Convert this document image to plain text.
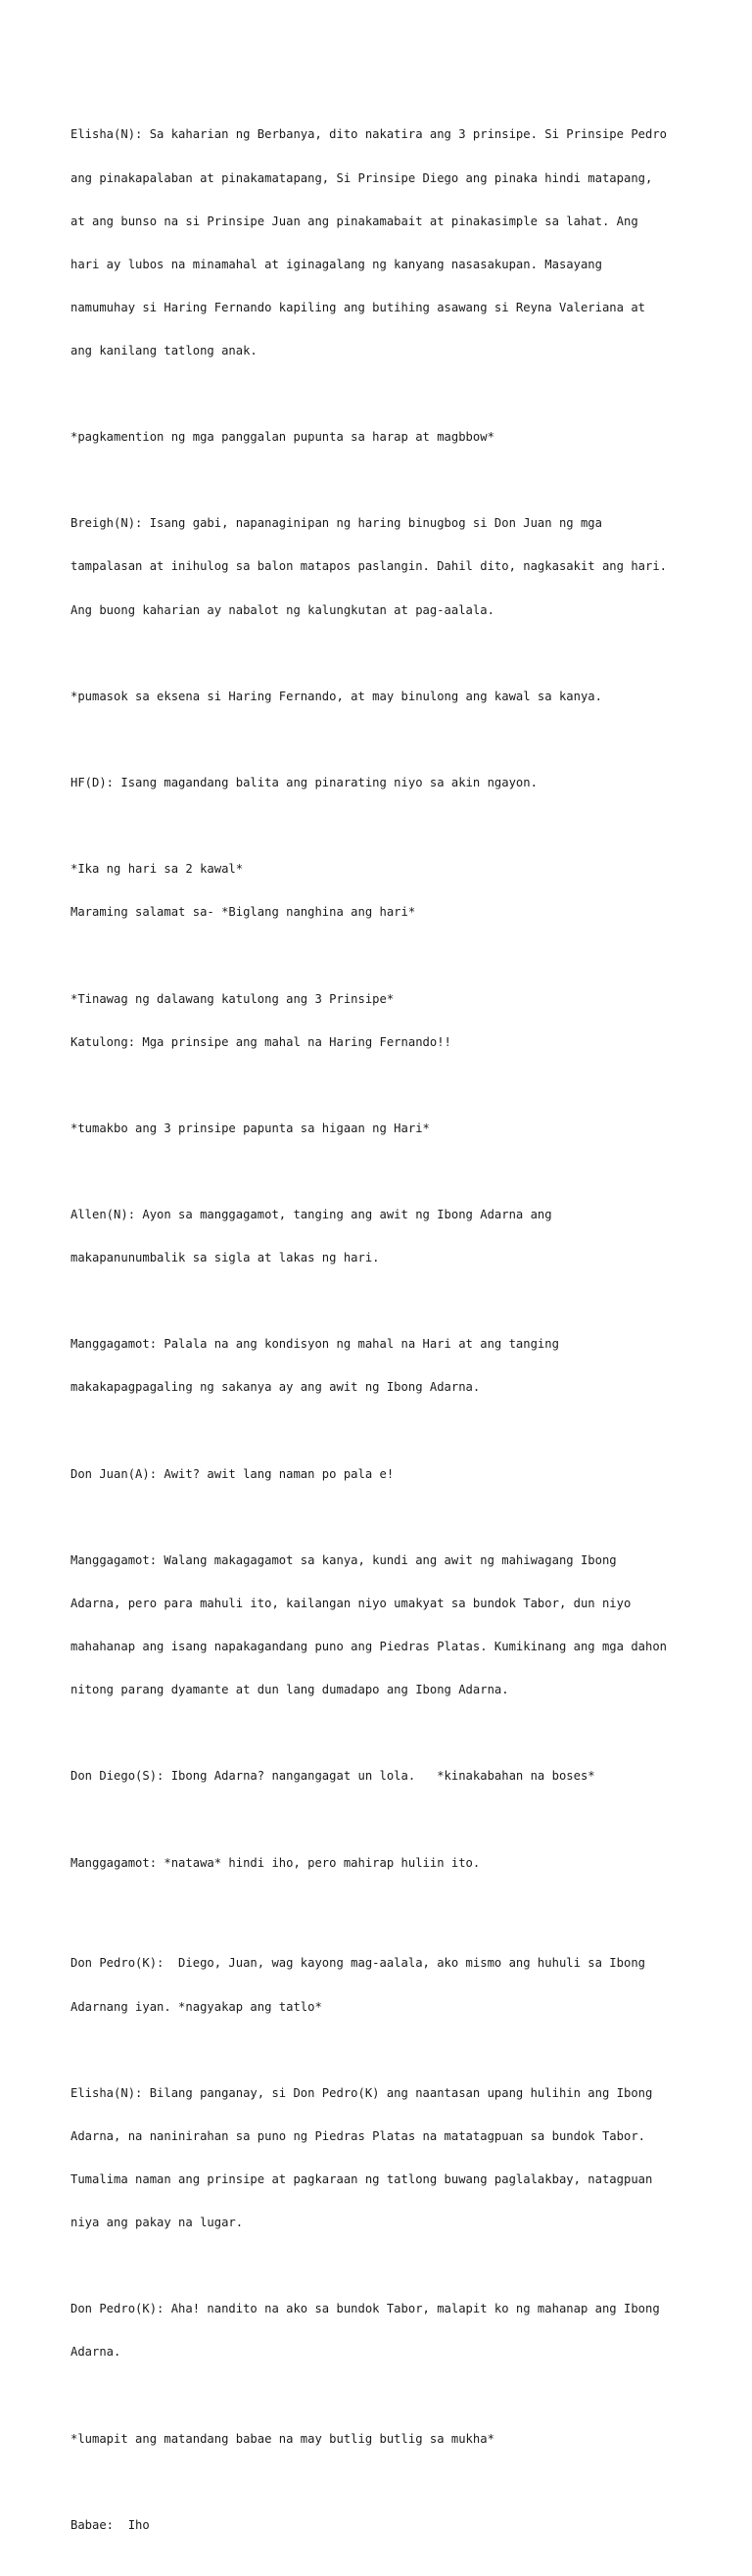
Elisha(N): Sa kaharian ng Berbanya, dito nakatira ang 3 prinsipe. Si Prinsipe Pedro

ang pinakapalaban at pinakamatapang, Si Prinsipe Diego ang pinaka hindi matapang,

at ang bunso na si Prinsipe Juan ang pinakamabait at pinakasimple sa lahat. Ang

hari ay lubos na minamahal at iginagalang ng kanyang nasasakupan. Masayang

namumuhay si Haring Fernando kapiling ang butihing asawang si Reyna Valeriana at

ang kanilang tatlong anak.

*pagkamention ng mga panggalan pupunta sa harap at magbbow*

Breigh(N): Isang gabi, napanaginipan ng haring binugbog si Don Juan ng mga

tampalasan at inihulog sa balon matapos paslangin. Dahil dito, nagkasakit ang hari.

Ang buong kaharian ay nabalot ng kalungkutan at pag-aalala.

*pumasok sa eksena si Haring Fernando, at may binulong ang kawal sa kanya.

HF(D): Isang magandang balita ang pinarating niyo sa akin ngayon.

*Ika ng hari sa 2 kawal*

Maraming salamat sa- *Biglang nanghina ang hari*

*Tinawag ng dalawang katulong ang 3 Prinsipe*

Katulong: Mga prinsipe ang mahal na Haring Fernando!!

*tumakbo ang 3 prinsipe papunta sa higaan ng Hari*

Allen(N): Ayon sa manggagamot, tanging ang awit ng Ibong Adarna ang

makapanunumbalik sa sigla at lakas ng hari.

Manggagamot: Palala na ang kondisyon ng mahal na Hari at ang tanging

makakapagpagaling ng sakanya ay ang awit ng Ibong Adarna.

Don Juan(A): Awit? awit lang naman po pala e!

Manggagamot: Walang makagagamot sa kanya, kundi ang awit ng mahiwagang Ibong

Adarna, pero para mahuli ito, kailangan niyo umakyat sa bundok Tabor, dun niyo

mahahanap ang isang napakagandang puno ang Piedras Platas. Kumikinang ang mga dahon

nitong parang dyamante at dun lang dumadapo ang Ibong Adarna.

Don Diego(S): Ibong Adarna? nangangagat un lola.   *kinakabahan na boses*

Manggagamot: *natawa* hindi iho, pero mahirap huliin ito.

Don Pedro(K):  Diego, Juan, wag kayong mag-aalala, ako mismo ang huhuli sa Ibong

Adarnang iyan. *nagyakap ang tatlo*

Elisha(N): Bilang panganay, si Don Pedro(K) ang naantasan upang hulihin ang Ibong

Adarna, na naninirahan sa puno ng Piedras Platas na matatagpuan sa bundok Tabor.

Tumalima naman ang prinsipe at pagkaraan ng tatlong buwang paglalakbay, natagpuan

niya ang pakay na lugar.

Don Pedro(K): Aha! nandito na ako sa bundok Tabor, malapit ko ng mahanap ang Ibong

Adarna.

*lumapit ang matandang babae na may butlig butlig sa mukha*

Babae:  Iho
